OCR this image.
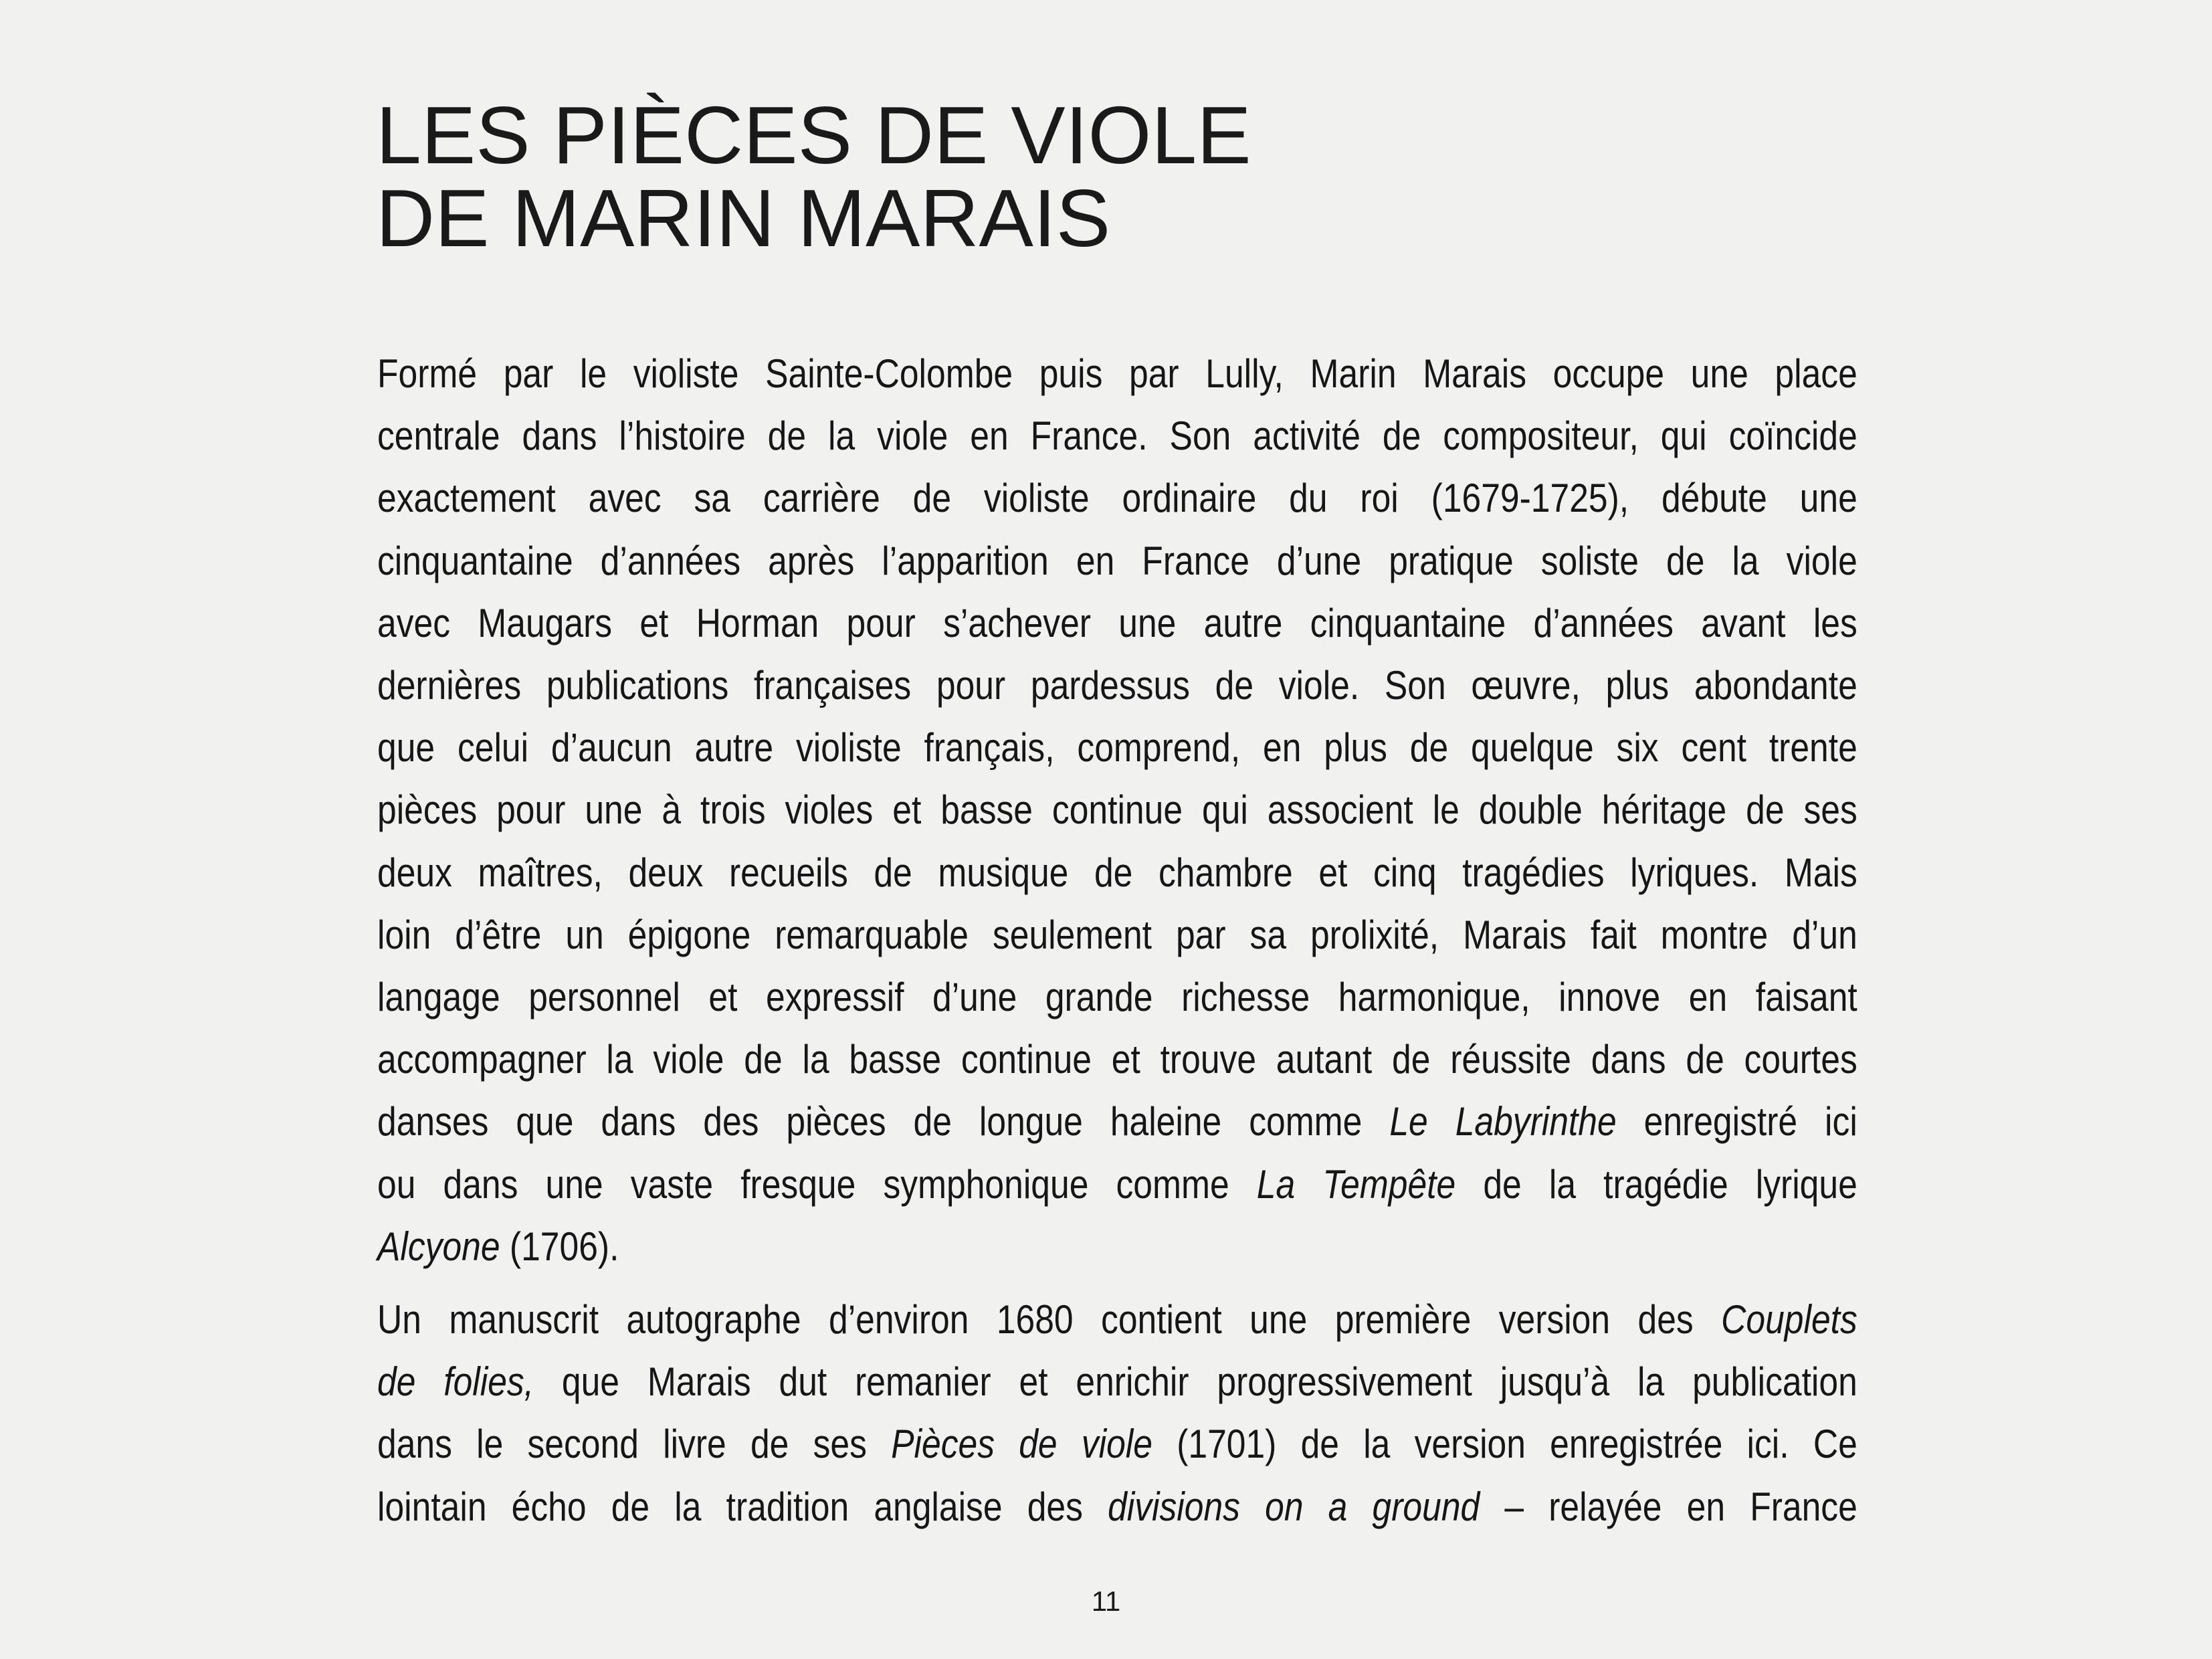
LES PIÈCES DE VIOLE
DE MARIN MARAIS

Formé par le violiste Sainte-Colombe puis par Lully, Marin Marais occupe une place
centrale dans l’histoire de la viole en France. Son activité de compositeur, qui coïncide
exactement avec sa carrière de violiste ordinaire du roi (1679-1725), débute une
cinquantaine d’années après l’apparition en France d’une pratique soliste de la viole
avec Maugars et Horman pour s’achever une autre cinquantaine d’années avant les
dernières publications françaises pour pardessus de viole. Son œuvre, plus abondante
que celui d’aucun autre violiste français, comprend, en plus de quelque six cent trente
pièces pour une à trois violes et basse continue qui associent le double héritage de ses
deux maîtres, deux recueils de musique de chambre et cinq tragédies lyriques. Mais
loin d’être un épigone remarquable seulement par sa prolixité, Marais fait montre d’un
langage personnel et expressif d’une grande richesse harmonique, innove en faisant
accompagner la viole de la basse continue et trouve autant de réussite dans de courtes
danses que dans des pièces de longue haleine comme Le Labyrinthe enregistré ici
ou dans une vaste fresque symphonique comme La Tempête de la tragédie lyrique
Alcyone (1706).

Un manuscrit autographe d’environ 1680 contient une première version des Couplets
de folies, que Marais dut remanier et enrichir progressivement jusqu’à la publication
dans le second livre de ses Pièces de viole (1701) de la version enregistrée ici. Ce
lointain écho de la tradition anglaise des divisions on a ground – relayée en France

11
